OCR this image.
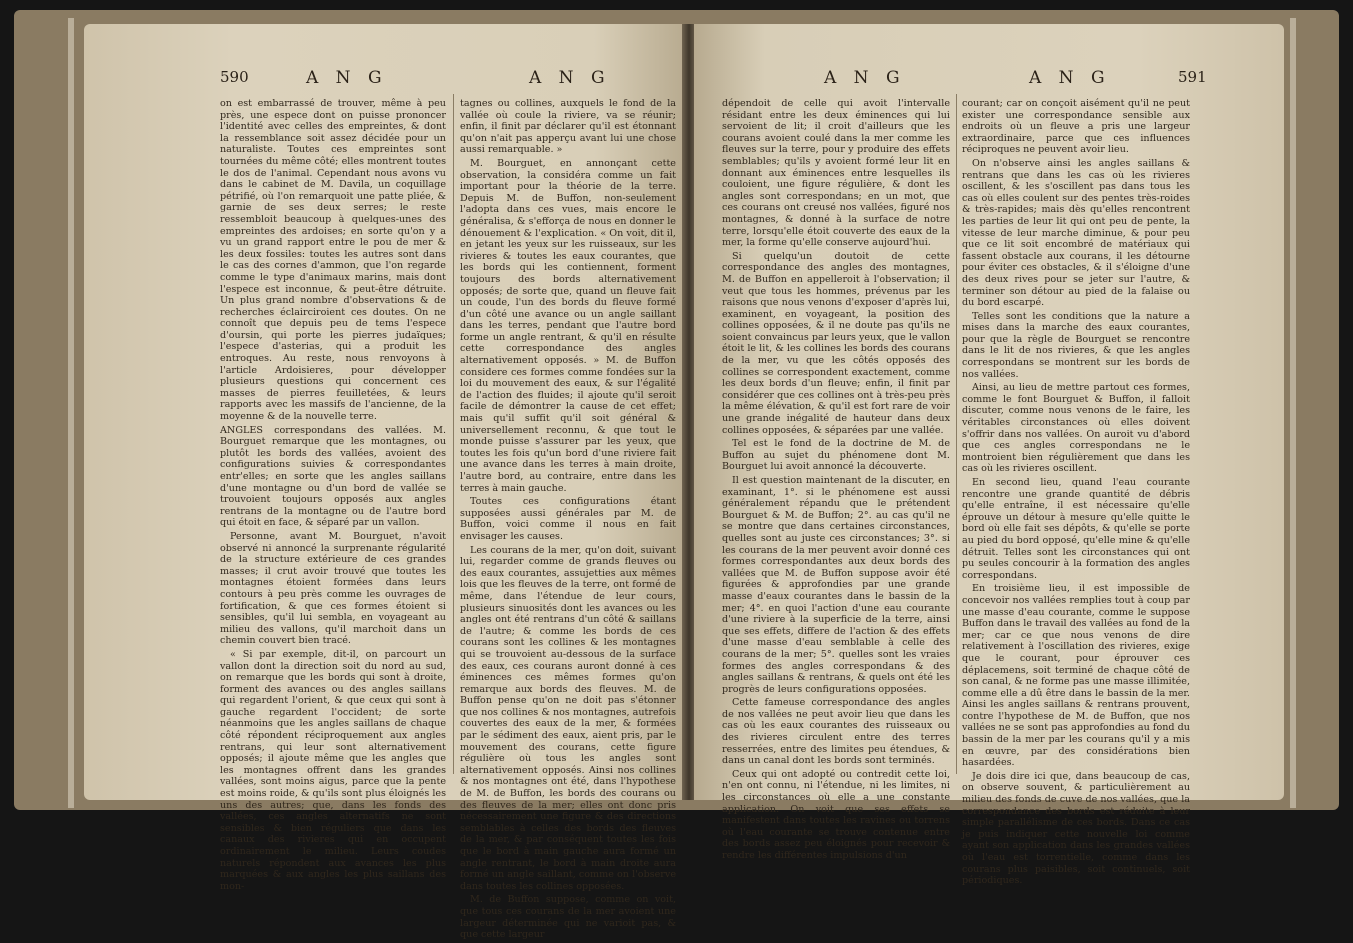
590	A N G	A N G

on est embarrassé de trouver, même à peu près, une espece dont on puisse prononcer l'identité avec celles des empreintes, & dont la ressemblance soit assez décidée pour un naturaliste. Toutes ces empreintes sont tournées du même côté; elles montrent toutes le dos de l'animal. Cependant nous avons vu dans le cabinet de M. Davila, un coquillage pétrifié, où l'on remarquoit une patte pliée, & garnie de ses deux serres; le reste ressembloit beaucoup à quelques-unes des empreintes des ardoises; en sorte qu'on y a vu un grand rapport entre le pou de mer & les deux fossiles: toutes les autres sont dans le cas des cornes d'ammon, que l'on regarde comme le type d'animaux marins, mais dont l'espece est inconnue, & peut-être détruite. Un plus grand nombre d'observations & de recherches éclairciroient ces doutes. On ne connoît que depuis peu de tems l'espece d'oursin, qui porte les pierres judaïques; l'espece d'asterias, qui a produit les entroques. Au reste, nous renvoyons à l'article Ardoisieres, pour développer plusieurs questions qui concernent ces masses de pierres feuilletées, & leurs rapports avec les massifs de l'ancienne, de la moyenne & de la nouvelle terre.

ANGLES correspondans des vallées. M. Bourguet remarque que les montagnes, ou plutôt les bords des vallées, avoient des configurations suivies & correspondantes entr'elles; en sorte que les angles saillans d'une montagne ou d'un bord de vallée se trouvoient toujours opposés aux angles rentrans de la montagne ou de l'autre bord qui étoit en face, & séparé par un vallon.

Personne, avant M. Bourguet, n'avoit observé ni annoncé la surprenante régularité de la structure extérieure de ces grandes masses; il crut avoir trouvé que toutes les montagnes étoient formées dans leurs contours à peu près comme les ouvrages de fortification, & que ces formes étoient si sensibles, qu'il lui sembla, en voyageant au milieu des vallons, qu'il marchoit dans un chemin couvert bien tracé.

« Si par exemple, dit-il, on parcourt un vallon dont la direction soit du nord au sud, on remarque que les bords qui sont à droite, forment des avances ou des angles saillans qui regardent l'orient, & que ceux qui sont à gauche regardent l'occident; de sorte néanmoins que les angles saillans de chaque côté répondent réciproquement aux angles rentrans, qui leur sont alternativement opposés; il ajoute même que les angles que les montagnes offrent dans les grandes vallées, sont moins aigus, parce que la pente est moins roide, & qu'ils sont plus éloignés les uns des autres; que, dans les fonds des vallées, ces angles alternatifs ne sont sensibles & bien réguliers que dans les canaux des rivieres qui en occupent ordinairement le milieu. Leurs coudes naturels répondent aux avances les plus marquées & aux angles les plus saillans des mon-

tagnes ou collines, auxquels le fond de la vallée où coule la riviere, va se réunir; enfin, il finit par déclarer qu'il est étonnant qu'on n'ait pas apperçu avant lui une chose aussi remarquable. »

M. Bourguet, en annonçant cette observation, la considéra comme un fait important pour la théorie de la terre. Depuis M. de Buffon, non-seulement l'adopta dans ces vues, mais encore le généralisa, & s'efforça de nous en donner le dénouement & l'explication. « On voit, dit il, en jetant les yeux sur les ruisseaux, sur les rivieres & toutes les eaux courantes, que les bords qui les contiennent, forment toujours des bords alternativement opposés; de sorte que, quand un fleuve fait un coude, l'un des bords du fleuve formé d'un côté une avance ou un angle saillant dans les terres, pendant que l'autre bord forme un angle rentrant, & qu'il en résulte cette correspondance des angles alternativement opposés. » M. de Buffon considere ces formes comme fondées sur la loi du mouvement des eaux, & sur l'égalité de l'action des fluides; il ajoute qu'il seroit facile de démontrer la cause de cet effet; mais qu'il suffit qu'il soit général & universellement reconnu, & que tout le monde puisse s'assurer par les yeux, que toutes les fois qu'un bord d'une riviere fait une avance dans les terres à main droite, l'autre bord, au contraire, entre dans les terres à main gauche.

Toutes ces configurations étant supposées aussi générales par M. de Buffon, voici comme il nous en fait envisager les causes.

Les courans de la mer, qu'on doit, suivant lui, regarder comme de grands fleuves ou des eaux courantes, assujetties aux mêmes lois que les fleuves de la terre, ont formé de même, dans l'étendue de leur cours, plusieurs sinuosités dont les avances ou les angles ont été rentrans d'un côté & saillans de l'autre; & comme les bords de ces courans sont les collines & les montagnes qui se trouvoient au-dessous de la surface des eaux, ces courans auront donné à ces éminences ces mêmes formes qu'on remarque aux bords des fleuves. M. de Buffon pense qu'on ne doit pas s'étonner que nos collines & nos montagnes, autrefois couvertes des eaux de la mer, & formées par le sédiment des eaux, aient pris, par le mouvement des courans, cette figure régulière où tous les angles sont alternativement opposés. Ainsi nos collines & nos montagnes ont été, dans l'hypothese de M. de Buffon, les bords des courans ou des fleuves de la mer; elles ont donc pris nécessairement une figure & des directions semblables à celles des bords des fleuves de la mer, & par conséquent toutes les fois que le bord à main gauche aura formé un angle rentrant, le bord à main droite aura formé un angle saillant, comme on l'observe dans toutes les collines opposées.

M. de Buffon suppose, comme on voit, que tous ces courans de la mer avoient une largeur déterminée qui ne varioit pas, & que cette largeur

A N G	A N G	591

dépendoit de celle qui avoit l'intervalle résidant entre les deux éminences qui lui servoient de lit; il croit d'ailleurs que les courans avoient coulé dans la mer comme les fleuves sur la terre, pour y produire des effets semblables; qu'ils y avoient formé leur lit en donnant aux éminences entre lesquelles ils couloient, une figure régulière, & dont les angles sont correspondans; en un mot, que ces courans ont creusé nos vallées, figuré nos montagnes, & donné à la surface de notre terre, lorsqu'elle étoit couverte des eaux de la mer, la forme qu'elle conserve aujourd'hui.

Si quelqu'un doutoit de cette correspondance des angles des montagnes, M. de Buffon en appelleroit à l'observation; il veut que tous les hommes, prévenus par les raisons que nous venons d'exposer d'après lui, examinent, en voyageant, la position des collines opposées, & il ne doute pas qu'ils ne soient convaincus par leurs yeux, que le vallon étoit le lit, & les collines les bords des courans de la mer, vu que les côtés opposés des collines se correspondent exactement, comme les deux bords d'un fleuve; enfin, il finit par considérer que ces collines ont à très-peu près la même élévation, & qu'il est fort rare de voir une grande inégalité de hauteur dans deux collines opposées, & séparées par une vallée.

Tel est le fond de la doctrine de M. de Buffon au sujet du phénomene dont M. Bourguet lui avoit annoncé la découverte.

Il est question maintenant de la discuter, en examinant, 1°. si le phénomene est aussi généralement répandu que le prétendent Bourguet & M. de Buffon; 2°. au cas qu'il ne se montre que dans certaines circonstances, quelles sont au juste ces circonstances; 3°. si les courans de la mer peuvent avoir donné ces formes correspondantes aux deux bords des vallées que M. de Buffon suppose avoir été figurées & approfondies par une grande masse d'eaux courantes dans le bassin de la mer; 4°. en quoi l'action d'une eau courante d'une riviere à la superficie de la terre, ainsi que ses effets, differe de l'action & des effets d'une masse d'eau semblable à celle des courans de la mer; 5°. quelles sont les vraies formes des angles correspondans & des angles saillans & rentrans, & quels ont été les progrès de leurs configurations opposées.

Cette fameuse correspondance des angles de nos vallées ne peut avoir lieu que dans les cas où les eaux courantes des ruisseaux ou des rivieres circulent entre des terres resserrées, entre des limites peu étendues, & dans un canal dont les bords sont terminés.

Ceux qui ont adopté ou contredit cette loi, n'en ont connu, ni l'étendue, ni les limites, ni les circonstances où elle a une constante application. On voit que ses effets se manifestent dans toutes les ravines ou torrens où l'eau courante se trouve contenue entre des bords assez peu éloignés pour recevoir & rendre les différentes impulsions d'un

courant; car on conçoit aisément qu'il ne peut exister une correspondance sensible aux endroits où un fleuve a pris une largeur extraordinaire, parce que ces influences réciproques ne peuvent avoir lieu.

On n'observe ainsi les angles saillans & rentrans que dans les cas où les rivieres oscillent, & les s'oscillent pas dans tous les cas où elles coulent sur des pentes très-roides & très-rapides; mais dès qu'elles rencontrent les parties de leur lit qui ont peu de pente, la vitesse de leur marche diminue, & pour peu que ce lit soit encombré de matériaux qui fassent obstacle aux courans, il les détourne pour éviter ces obstacles, & il s'éloigne d'une des deux rives pour se jeter sur l'autre, & terminer son détour au pied de la falaise ou du bord escarpé.

Telles sont les conditions que la nature a mises dans la marche des eaux courantes, pour que la règle de Bourguet se rencontre dans le lit de nos rivieres, & que les angles correspondans se montrent sur les bords de nos vallées.

Ainsi, au lieu de mettre partout ces formes, comme le font Bourguet & Buffon, il falloit discuter, comme nous venons de le faire, les véritables circonstances où elles doivent s'offrir dans nos vallées. On auroit vu d'abord que ces angles correspondans ne le montroient bien régulièrement que dans les cas où les rivieres oscillent.

En second lieu, quand l'eau courante rencontre une grande quantité de débris qu'elle entraîne, il est nécessaire qu'elle éprouve un détour à mesure qu'elle quitte le bord où elle fait ses dépôts, & qu'elle se porte au pied du bord opposé, qu'elle mine & qu'elle détruit. Telles sont les circonstances qui ont pu seules concourir à la formation des angles correspondans.

En troisième lieu, il est impossible de concevoir nos vallées remplies tout à coup par une masse d'eau courante, comme le suppose Buffon dans le travail des vallées au fond de la mer; car ce que nous venons de dire relativement à l'oscillation des rivieres, exige que le courant, pour éprouver ces déplacemens, soit terminé de chaque côté de son canal, & ne forme pas une masse illimitée, comme elle a dû être dans le bassin de la mer. Ainsi les angles saillans & rentrans prouvent, contre l'hypothese de M. de Buffon, que nos vallées ne se sont pas approfondies au fond du bassin de la mer par les courans qu'il y a mis en œuvre, par des considérations bien hasardées.

Je dois dire ici que, dans beaucoup de cas, on observe souvent, & particulièrement au milieu des fonds de cuve de nos vallées, que la correspondance des bords est réduite à leur simple parallélisme de ces bords. Dans ce cas je puis indiquer cette nouvelle loi comme ayant son application dans les grandes vallées où l'eau est torrentielle, comme dans les courans plus paisibles, soit continuels, soit périodiques.
